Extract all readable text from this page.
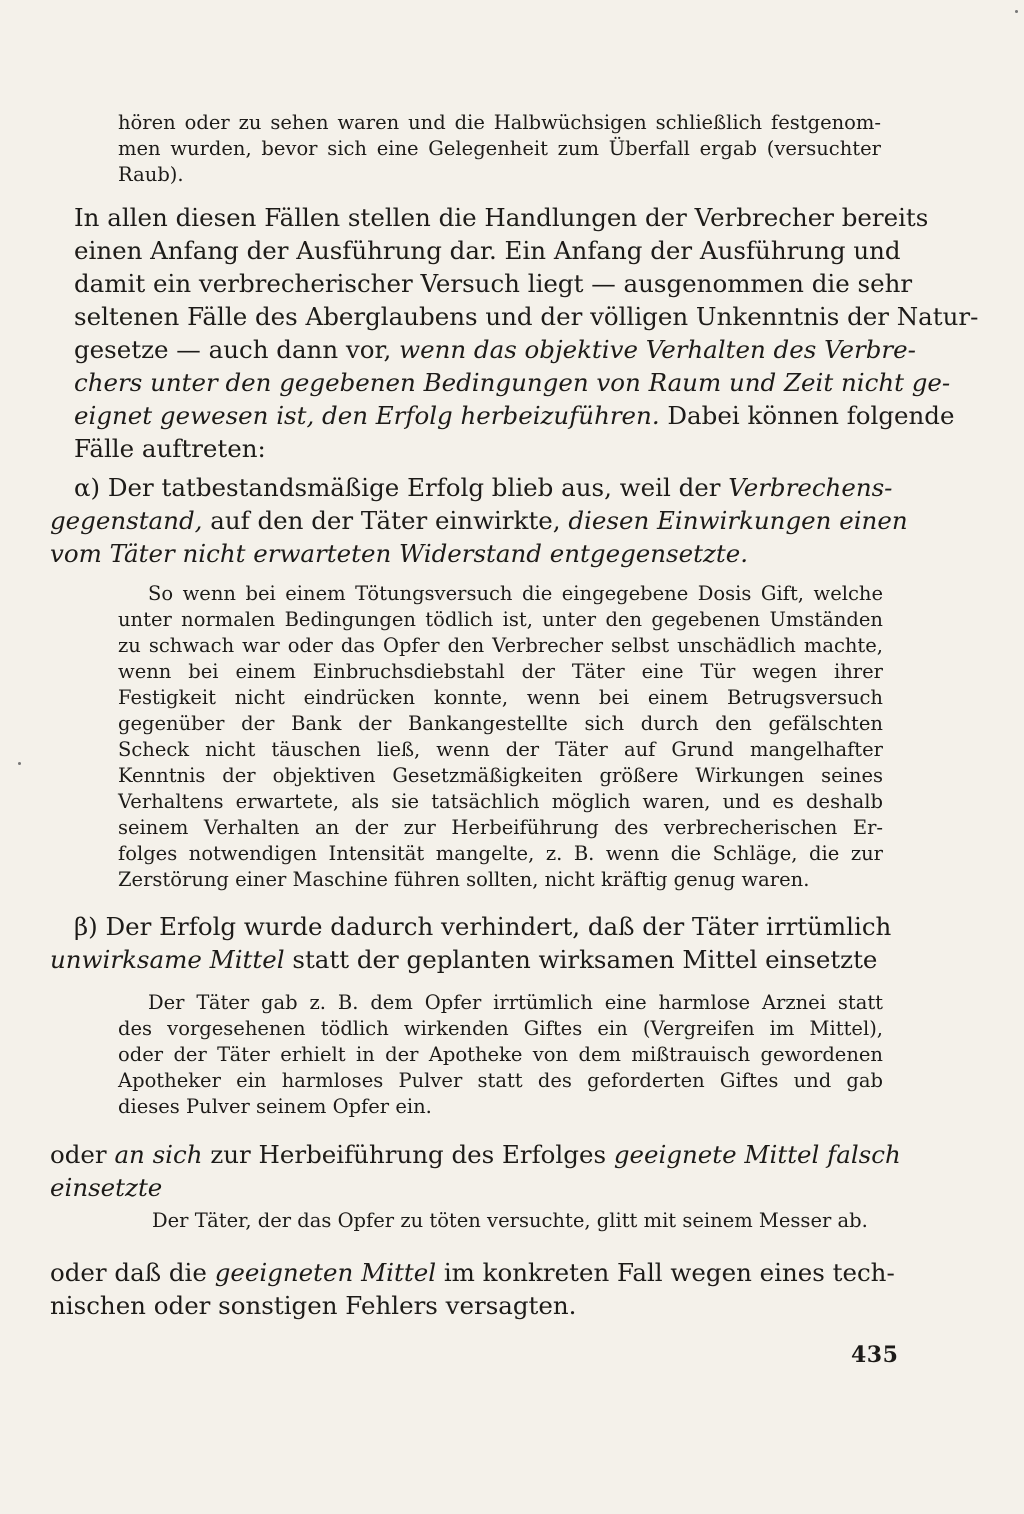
hören oder zu sehen waren und die Halbwüchsigen schließlich festgenom-
men wurden, bevor sich eine Gelegenheit zum Überfall ergab (versuchter
Raub).
In allen diesen Fällen stellen die Handlungen der Verbrecher bereits
einen Anfang der Ausführung dar. Ein Anfang der Ausführung und
damit ein verbrecherischer Versuch liegt — ausgenommen die sehr
seltenen Fälle des Aberglaubens und der völligen Unkenntnis der Natur-
gesetze — auch dann vor, wenn das objektive Verhalten des Verbre-
chers unter den gegebenen Bedingungen von Raum und Zeit nicht ge-
eignet gewesen ist, den Erfolg herbeizuführen. Dabei können folgende
Fälle auftreten:
α) Der tatbestandsmäßige Erfolg blieb aus, weil der Verbrechens-
gegenstand, auf den der Täter einwirkte, diesen Einwirkungen einen
vom Täter nicht erwarteten Widerstand entgegensetzte.
So wenn bei einem Tötungsversuch die eingegebene Dosis Gift, welche
unter normalen Bedingungen tödlich ist, unter den gegebenen Umständen
zu schwach war oder das Opfer den Verbrecher selbst unschädlich machte,
wenn bei einem Einbruchsdiebstahl der Täter eine Tür wegen ihrer
Festigkeit nicht eindrücken konnte, wenn bei einem Betrugsversuch
gegenüber der Bank der Bankangestellte sich durch den gefälschten
Scheck nicht täuschen ließ, wenn der Täter auf Grund mangelhafter
Kenntnis der objektiven Gesetzmäßigkeiten größere Wirkungen seines
Verhaltens erwartete, als sie tatsächlich möglich waren, und es deshalb
seinem Verhalten an der zur Herbeiführung des verbrecherischen Er-
folges notwendigen Intensität mangelte, z. B. wenn die Schläge, die zur
Zerstörung einer Maschine führen sollten, nicht kräftig genug waren.
β) Der Erfolg wurde dadurch verhindert, daß der Täter irrtümlich
unwirksame Mittel statt der geplanten wirksamen Mittel einsetzte
Der Täter gab z. B. dem Opfer irrtümlich eine harmlose Arznei statt
des vorgesehenen tödlich wirkenden Giftes ein (Vergreifen im Mittel),
oder der Täter erhielt in der Apotheke von dem mißtrauisch gewordenen
Apotheker ein harmloses Pulver statt des geforderten Giftes und gab
dieses Pulver seinem Opfer ein.
oder an sich zur Herbeiführung des Erfolges geeignete Mittel falsch
einsetzte
Der Täter, der das Opfer zu töten versuchte, glitt mit seinem Messer ab.
oder daß die geeigneten Mittel im konkreten Fall wegen eines tech-
nischen oder sonstigen Fehlers versagten.
435
